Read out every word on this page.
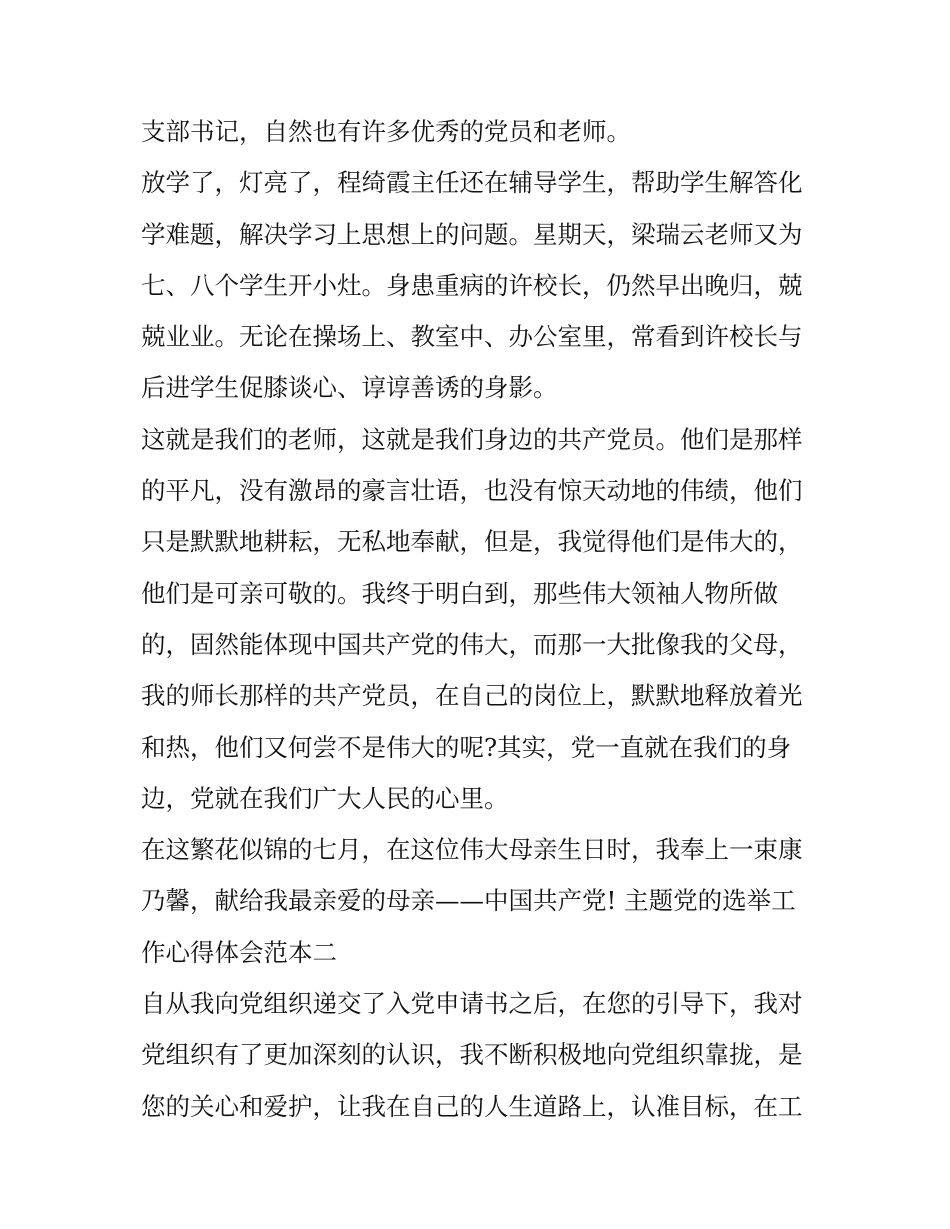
支部书记，自然也有许多优秀的党员和老师。
放学了，灯亮了，程绮霞主任还在辅导学生，帮助学生解答化
学难题，解决学习上思想上的问题。星期天，梁瑞云老师又为
七、八个学生开小灶。身患重病的许校长，仍然早出晚归，兢
兢业业。无论在操场上、教室中、办公室里，常看到许校长与
后进学生促膝谈心、谆谆善诱的身影。
这就是我们的老师，这就是我们身边的共产党员。他们是那样
的平凡，没有激昂的豪言壮语，也没有惊天动地的伟绩，他们
只是默默地耕耘，无私地奉献，但是，我觉得他们是伟大的，
他们是可亲可敬的。我终于明白到，那些伟大领袖人物所做
的，固然能体现中国共产党的伟大，而那一大批像我的父母，
我的师长那样的共产党员，在自己的岗位上，默默地释放着光
和热，他们又何尝不是伟大的呢?其实，党一直就在我们的身
边，党就在我们广大人民的心里。
在这繁花似锦的七月，在这位伟大母亲生日时，我奉上一束康
乃馨，献给我最亲爱的母亲——中国共产党! 主题党的选举工
作心得体会范本二
自从我向党组织递交了入党申请书之后，在您的引导下，我对
党组织有了更加深刻的认识，我不断积极地向党组织靠拢，是
您的关心和爱护，让我在自己的人生道路上，认准目标，在工
